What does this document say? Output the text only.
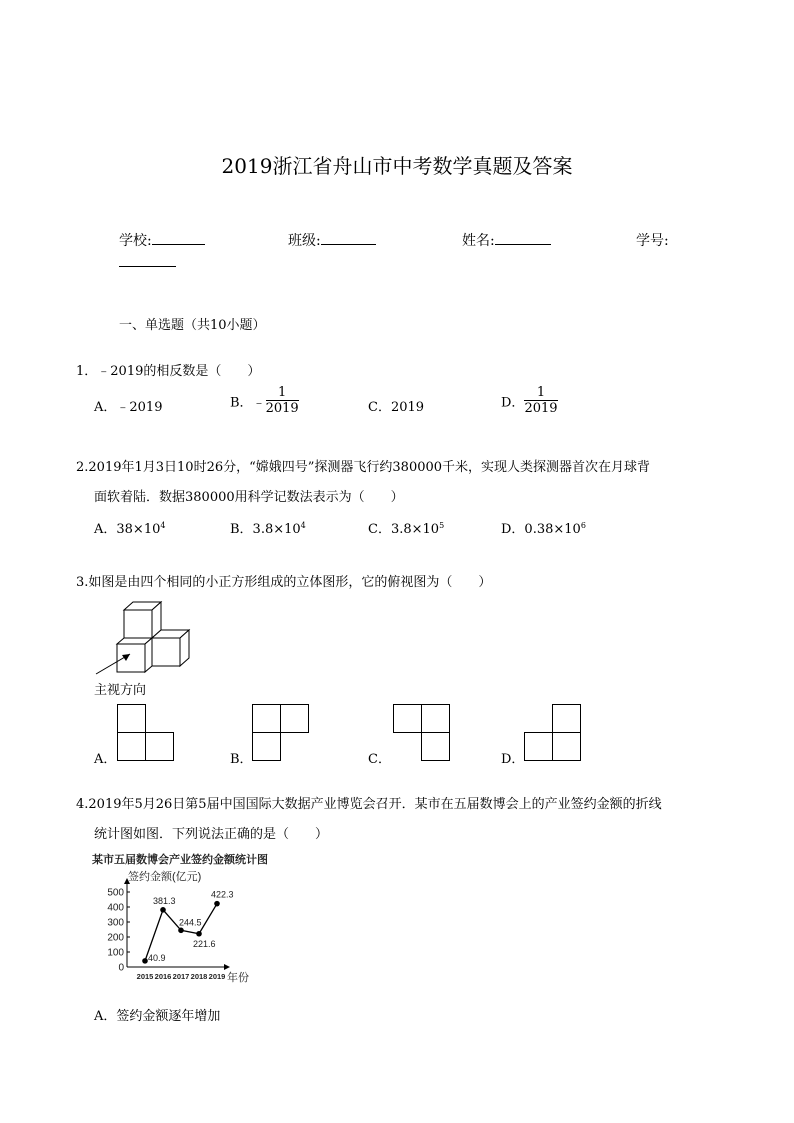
2019浙江省舟山市中考数学真题及答案
学校:	班级:	姓名:	学号:
一、单选题（共10小题）
1．﹣2019的相反数是（　　）
A．﹣2019	B．﹣ $\frac{1}{2019}$	C．2019	D． $\frac{1}{2019}$
2.2019年1月3日10时26分，“嫦娥四号”探测器飞行约380000千米，实现人类探测器首次在月球背
面软着陆．数据380000用科学记数法表示为（　　）
A．$38\times 10^4$	B．$3.8\times 10^4$	C．$3.8\times 10^5$	D．$0.38\times 10^6$
3.如图是由四个相同的小正方形组成的立体图形，它的俯视图为（　　）
主视方向
A．	B．	C．	D．
4.2019年5月26日第5届中国国际大数据产业博览会召开．某市在五届数博会上的产业签约金额的折线
统计图如图．下列说法正确的是（　　）
某市五届数博会产业签约金额统计图
签约金额(亿元)
年份
0
100
200
300
400
500
2015 2016 2017 2018 2019
40.9
381.3
244.5
221.6
422.3
A．签约金额逐年增加
